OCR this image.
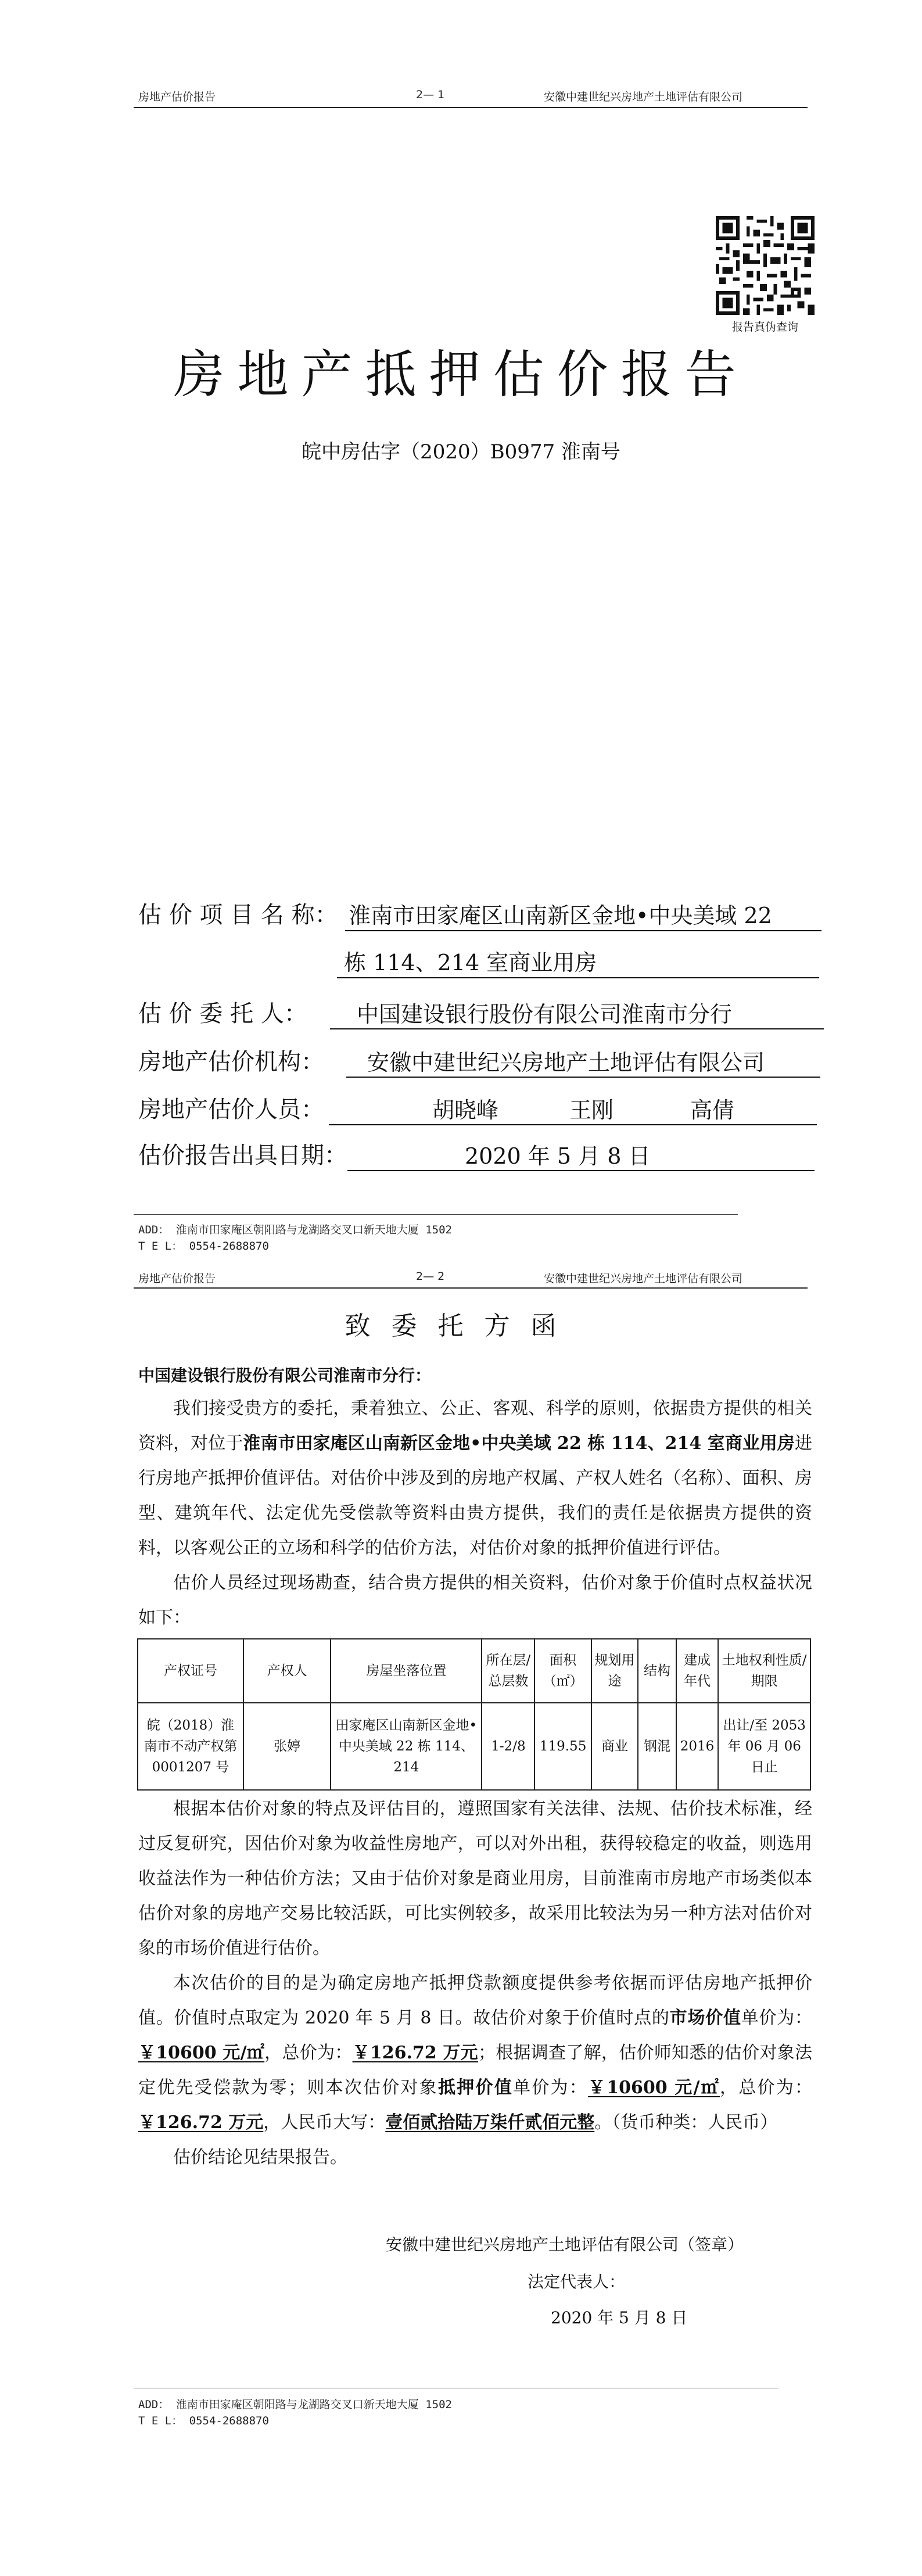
房地产估价报告	2— 1	安徽中建世纪兴房地产土地评估有限公司
报告真伪查询
房地产抵押估价报告
皖中房估字（2020）B0977 淮南号
估 价 项 目 名 称： 淮南市田家庵区山南新区金地•中央美域 22
栋 114、214 室商业用房
估 价 委 托 人： 中国建设银行股份有限公司淮南市分行
房地产估价机构： 安徽中建世纪兴房地产土地评估有限公司
房地产估价人员：	胡晓峰	王刚	高倩
估价报告出具日期：	2020 年 5 月 8 日
ADD： 淮南市田家庵区朝阳路与龙湖路交叉口新天地大厦 1502
T E L： 0554-2688870
房地产估价报告	2— 2	安徽中建世纪兴房地产土地评估有限公司
致委托方函
中国建设银行股份有限公司淮南市分行：
我们接受贵方的委托，秉着独立、公正、客观、科学的原则，依据贵方提供的相关资料，对位于淮南市田家庵区山南新区金地•中央美域 22 栋 114、214 室商业用房进行房地产抵押价值评估。对估价中涉及到的房地产权属、产权人姓名（名称）、面积、房型、建筑年代、法定优先受偿款等资料由贵方提供，我们的责任是依据贵方提供的资料，以客观公正的立场和科学的估价方法，对估价对象的抵押价值进行评估。
估价人员经过现场勘查，结合贵方提供的相关资料，估价对象于价值时点权益状况如下：
产权证号	产权人	房屋坐落位置	所在层/总层数	面积（㎡）	规划用途	结构	建成年代	土地权利性质/期限
皖（2018）淮南市不动产权第 0001207 号	张婷	田家庵区山南新区金地•中央美域 22 栋 114、214	1-2/8	119.55	商业	钢混	2016	出让/至 2053 年 06 月 06 日止
根据本估价对象的特点及评估目的，遵照国家有关法律、法规、估价技术标准，经过反复研究，因估价对象为收益性房地产，可以对外出租，获得较稳定的收益，则选用收益法作为一种估价方法；又由于估价对象是商业用房，目前淮南市房地产市场类似本估价对象的房地产交易比较活跃，可比实例较多，故采用比较法为另一种方法对估价对象的市场价值进行估价。
本次估价的目的是为确定房地产抵押贷款额度提供参考依据而评估房地产抵押价值。价值时点取定为 2020 年 5 月 8 日。故估价对象于价值时点的市场价值单价为：￥10600 元/㎡，总价为：￥126.72 万元；根据调查了解，估价师知悉的估价对象法定优先受偿款为零；则本次估价对象抵押价值单价为：￥10600 元/㎡，总价为：￥126.72 万元，人民币大写：壹佰贰拾陆万柒仟贰佰元整。（货币种类：人民币）
估价结论见结果报告。
安徽中建世纪兴房地产土地评估有限公司（签章）
法定代表人：
2020 年 5 月 8 日
ADD： 淮南市田家庵区朝阳路与龙湖路交叉口新天地大厦 1502
T E L： 0554-2688870
